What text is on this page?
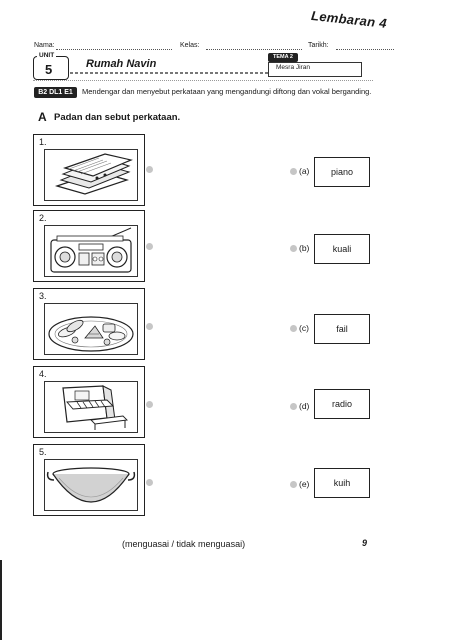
Lembaran 4
Nama:	Kelas:	Tarikh:
UNIT
5	Rumah Navin
TEMA 2
Mesra Jiran
B2 DL1 E1	Mendengar dan menyebut perkataan yang mengandungi diftong dan vokal berganding.
A Padan dan sebut perkataan.
1.
2.
3.
4.
5.
(a)	piano
(b)	kuali
(c)	fail
(d)	radio
(e)	kuih
(menguasai / tidak menguasai)	9
